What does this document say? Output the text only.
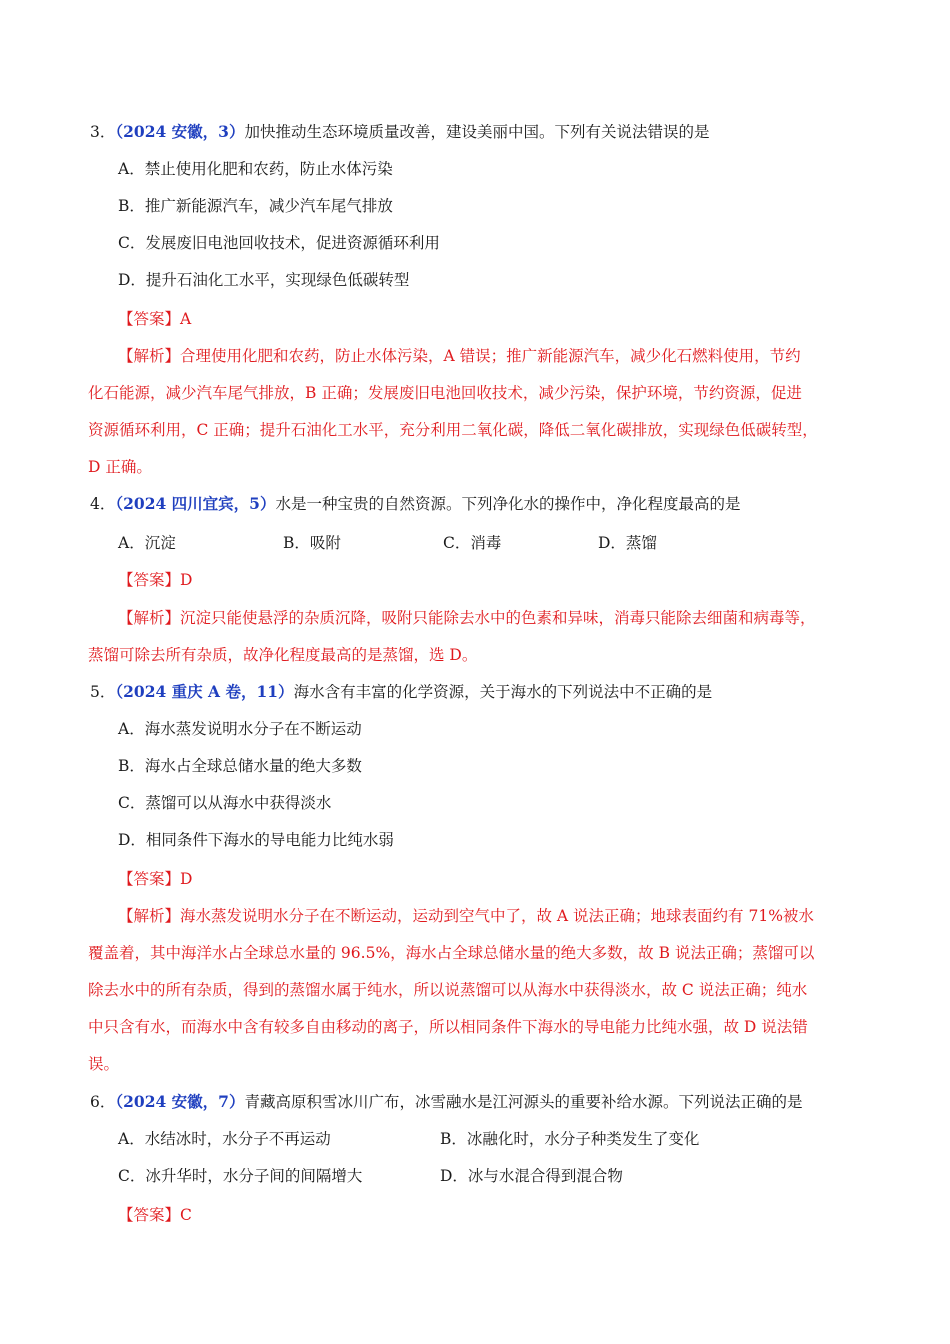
3．（2024 安徽，3）加快推动生态环境质量改善，建设美丽中国。下列有关说法错误的是
A．禁止使用化肥和农药，防止水体污染
B．推广新能源汽车，减少汽车尾气排放
C．发展废旧电池回收技术，促进资源循环利用
D．提升石油化工水平，实现绿色低碳转型
【答案】A
【解析】合理使用化肥和农药，防止水体污染，A 错误；推广新能源汽车，减少化石燃料使用，节约
化石能源，减少汽车尾气排放，B 正确；发展废旧电池回收技术，减少污染，保护环境，节约资源，促进
资源循环利用，C 正确；提升石油化工水平，充分利用二氧化碳，降低二氧化碳排放，实现绿色低碳转型，
D 正确。
4．（2024 四川宜宾，5）水是一种宝贵的自然资源。下列净化水的操作中，净化程度最高的是
A．沉淀	B．吸附	C．消毒	D．蒸馏
【答案】D
【解析】沉淀只能使悬浮的杂质沉降，吸附只能除去水中的色素和异味，消毒只能除去细菌和病毒等，
蒸馏可除去所有杂质，故净化程度最高的是蒸馏，选 D。
5．（2024 重庆 A 卷，11）海水含有丰富的化学资源，关于海水的下列说法中不正确的是
A．海水蒸发说明水分子在不断运动
B．海水占全球总储水量的绝大多数
C．蒸馏可以从海水中获得淡水
D．相同条件下海水的导电能力比纯水弱
【答案】D
【解析】海水蒸发说明水分子在不断运动，运动到空气中了，故 A 说法正确；地球表面约有 71%被水
覆盖着，其中海洋水占全球总水量的 96.5%，海水占全球总储水量的绝大多数，故 B 说法正确；蒸馏可以
除去水中的所有杂质，得到的蒸馏水属于纯水，所以说蒸馏可以从海水中获得淡水，故 C 说法正确；纯水
中只含有水，而海水中含有较多自由移动的离子，所以相同条件下海水的导电能力比纯水强，故 D 说法错
误。
6．（2024 安徽，7）青藏高原积雪冰川广布，冰雪融水是江河源头的重要补给水源。下列说法正确的是
A．水结冰时，水分子不再运动	B．冰融化时，水分子种类发生了变化
C．冰升华时，水分子间的间隔增大	D．冰与水混合得到混合物
【答案】C
